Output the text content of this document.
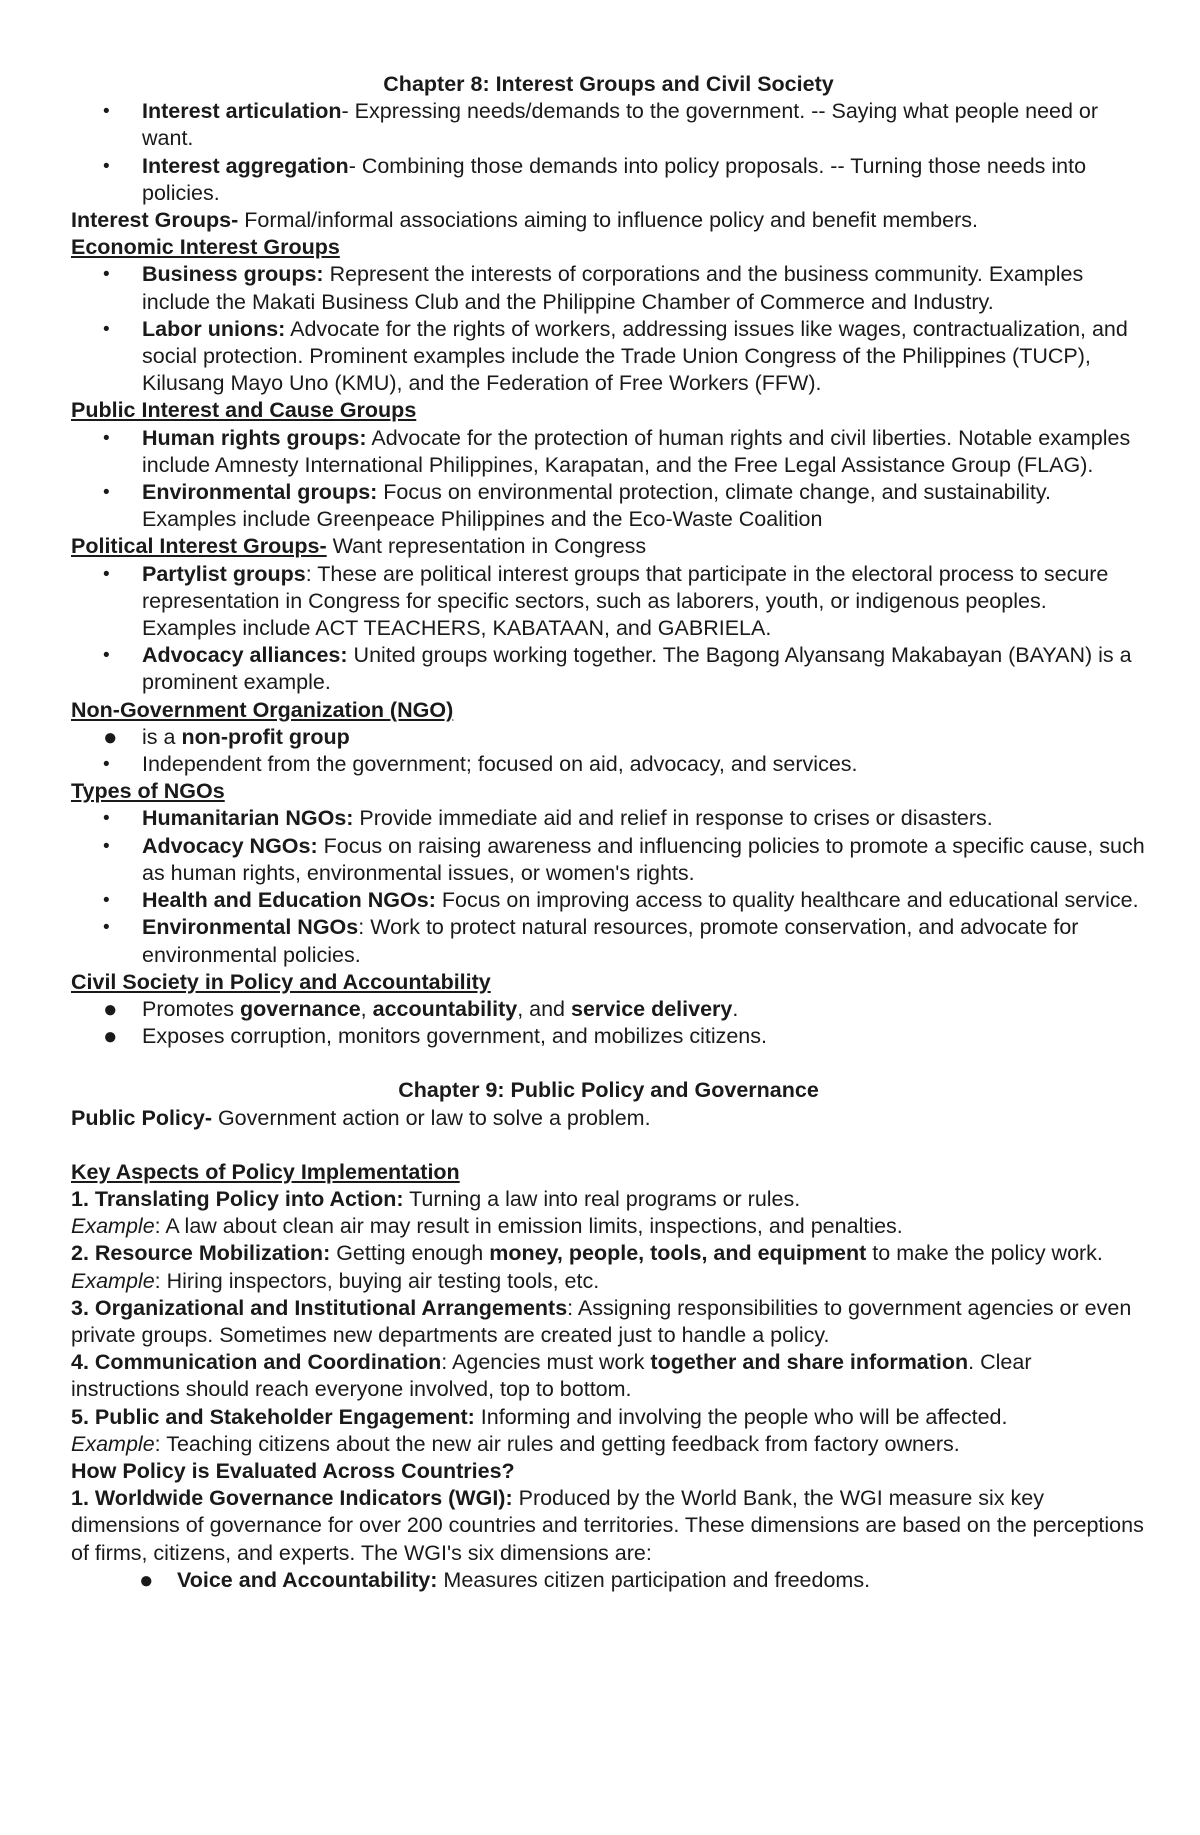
Chapter 8: Interest Groups and Civil Society

• Interest articulation- Expressing needs/demands to the government. -- Saying what people need or want.
• Interest aggregation- Combining those demands into policy proposals. -- Turning those needs into policies.

Interest Groups- Formal/informal associations aiming to influence policy and benefit members.

Economic Interest Groups

• Business groups: Represent the interests of corporations and the business community. Examples include the Makati Business Club and the Philippine Chamber of Commerce and Industry.
• Labor unions: Advocate for the rights of workers, addressing issues like wages, contractualization, and social protection. Prominent examples include the Trade Union Congress of the Philippines (TUCP), Kilusang Mayo Uno (KMU), and the Federation of Free Workers (FFW).

Public Interest and Cause Groups

• Human rights groups: Advocate for the protection of human rights and civil liberties. Notable examples include Amnesty International Philippines, Karapatan, and the Free Legal Assistance Group (FLAG).
• Environmental groups: Focus on environmental protection, climate change, and sustainability. Examples include Greenpeace Philippines and the Eco-Waste Coalition

Political Interest Groups- Want representation in Congress

• Partylist groups: These are political interest groups that participate in the electoral process to secure representation in Congress for specific sectors, such as laborers, youth, or indigenous peoples. Examples include ACT TEACHERS, KABATAAN, and GABRIELA.
• Advocacy alliances: United groups working together. The Bagong Alyansang Makabayan (BAYAN) is a prominent example.

Non-Government Organization (NGO)

● is a non-profit group
• Independent from the government; focused on aid, advocacy, and services.

Types of NGOs

• Humanitarian NGOs: Provide immediate aid and relief in response to crises or disasters.
• Advocacy NGOs: Focus on raising awareness and influencing policies to promote a specific cause, such as human rights, environmental issues, or women's rights.
• Health and Education NGOs: Focus on improving access to quality healthcare and educational service.
• Environmental NGOs: Work to protect natural resources, promote conservation, and advocate for environmental policies.

Civil Society in Policy and Accountability

● Promotes governance, accountability, and service delivery.
● Exposes corruption, monitors government, and mobilizes citizens.

Chapter 9: Public Policy and Governance

Public Policy- Government action or law to solve a problem.

Key Aspects of Policy Implementation

1. Translating Policy into Action: Turning a law into real programs or rules.

Example: A law about clean air may result in emission limits, inspections, and penalties.

2. Resource Mobilization: Getting enough money, people, tools, and equipment to make the policy work.

Example: Hiring inspectors, buying air testing tools, etc.

3. Organizational and Institutional Arrangements: Assigning responsibilities to government agencies or even private groups. Sometimes new departments are created just to handle a policy.

4. Communication and Coordination: Agencies must work together and share information. Clear instructions should reach everyone involved, top to bottom.

5. Public and Stakeholder Engagement: Informing and involving the people who will be affected.

Example: Teaching citizens about the new air rules and getting feedback from factory owners.

How Policy is Evaluated Across Countries?

1. Worldwide Governance Indicators (WGI): Produced by the World Bank, the WGI measure six key dimensions of governance for over 200 countries and territories. These dimensions are based on the perceptions of firms, citizens, and experts. The WGI's six dimensions are:

● Voice and Accountability: Measures citizen participation and freedoms.
